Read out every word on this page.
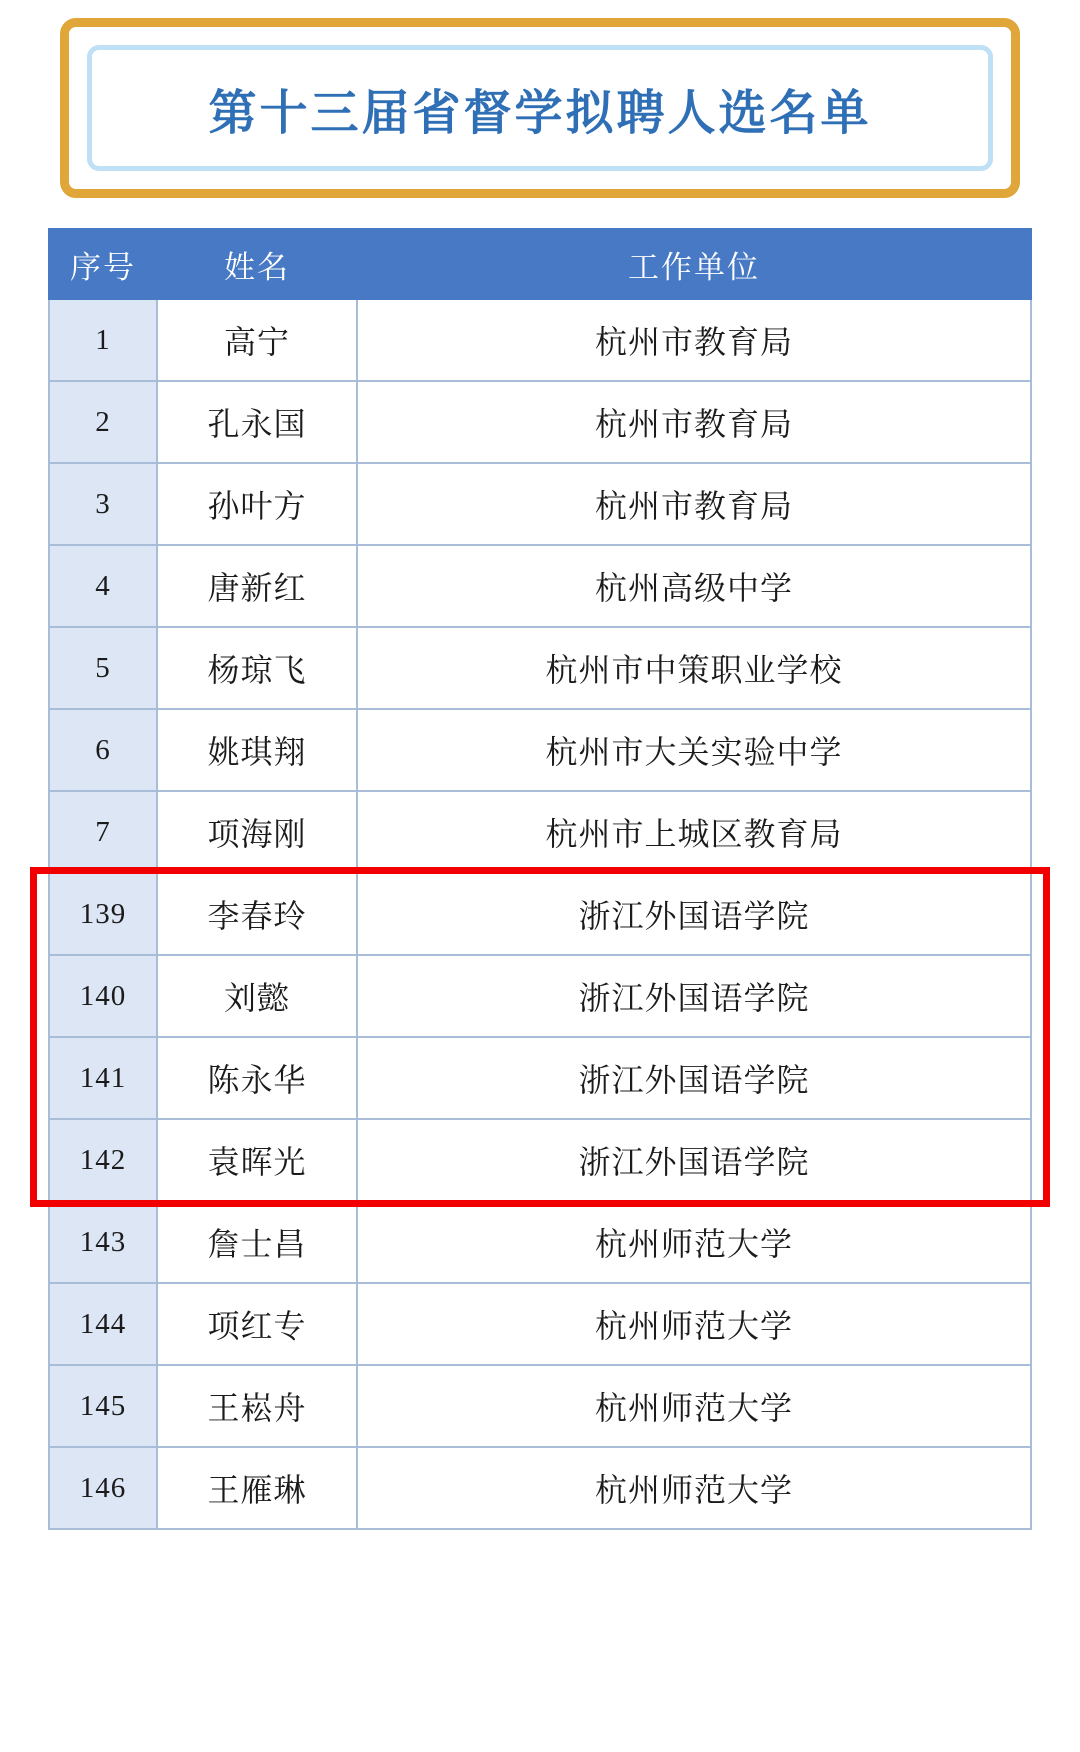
第十三届省督学拟聘人选名单
序号	姓名	工作单位
1	高宁	杭州市教育局
2	孔永国	杭州市教育局
3	孙叶方	杭州市教育局
4	唐新红	杭州高级中学
5	杨琼飞	杭州市中策职业学校
6	姚琪翔	杭州市大关实验中学
7	项海刚	杭州市上城区教育局
139	李春玲	浙江外国语学院
140	刘懿	浙江外国语学院
141	陈永华	浙江外国语学院
142	袁晖光	浙江外国语学院
143	詹士昌	杭州师范大学
144	项红专	杭州师范大学
145	王崧舟	杭州师范大学
146	王雁琳	杭州师范大学
